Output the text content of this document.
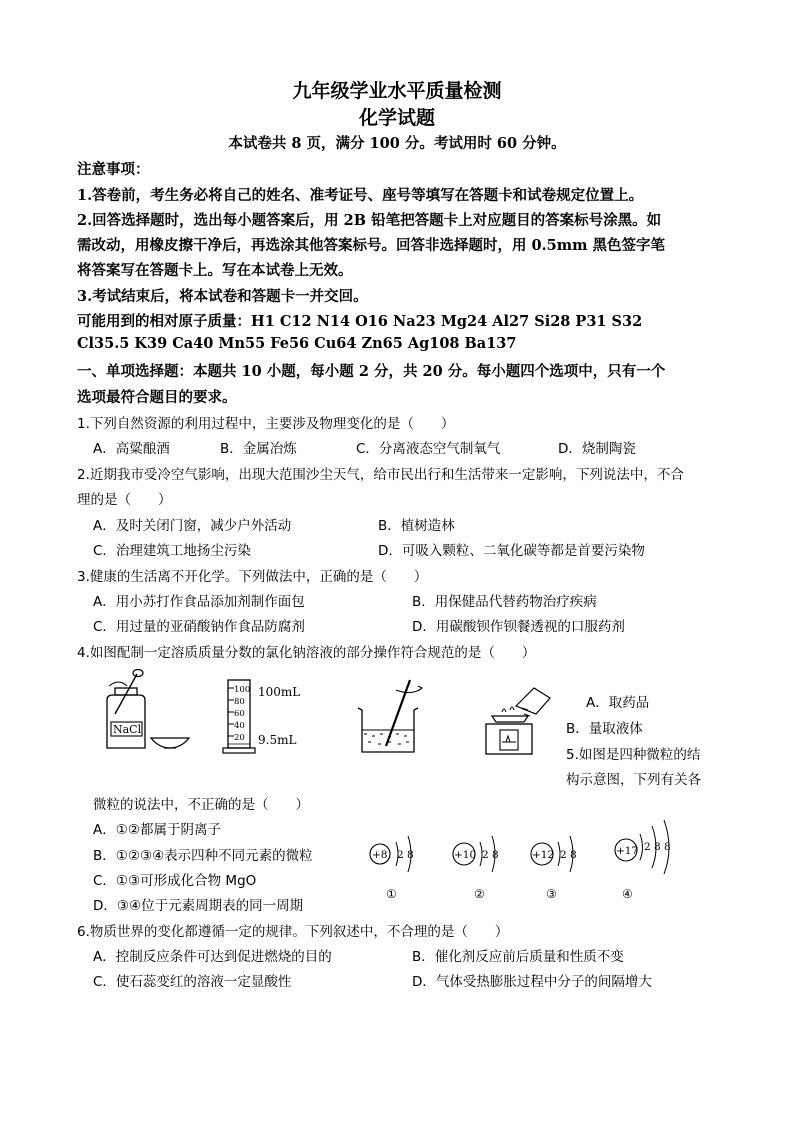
九年级学业水平质量检测
化学试题
本试卷共 8 页，满分 100 分。考试用时 60 分钟。
注意事项：
1.答卷前，考生务必将自己的姓名、准考证号、座号等填写在答题卡和试卷规定位置上。
2.回答选择题时，选出每小题答案后，用 2B 铅笔把答题卡上对应题目的答案标号涂黑。如
需改动，用橡皮擦干净后，再选涂其他答案标号。回答非选择题时，用 0.5mm 黑色签字笔
将答案写在答题卡上。写在本试卷上无效。
3.考试结束后，将本试卷和答题卡一并交回。
可能用到的相对原子质量：H1 C12 N14 O16 Na23 Mg24 Al27 Si28 P31 S32
Cl35.5 K39 Ca40 Mn55 Fe56 Cu64 Zn65 Ag108 Ba137
一、单项选择题：本题共 10 小题，每小题 2 分，共 20 分。每小题四个选项中，只有一个
选项最符合题目的要求。
1.下列自然资源的利用过程中，主要涉及物理变化的是（　　）
A．高粱酿酒	B．金属冶炼	C．分离液态空气制氧气	D．烧制陶瓷
2.近期我市受冷空气影响，出现大范围沙尘天气，给市民出行和生活带来一定影响，下列说法中，不合
理的是（　　）
A．及时关闭门窗，减少户外活动	B．植树造林
C．治理建筑工地扬尘污染	D．可吸入颗粒、二氧化碳等都是首要污染物
3.健康的生活离不开化学。下列做法中，正确的是（　　）
A．用小苏打作食品添加剂制作面包	B．用保健品代替药物治疗疾病
C．用过量的亚硝酸钠作食品防腐剂	D．用碳酸钡作钡餐透视的口服药剂
4.如图配制一定溶质质量分数的氯化钠溶液的部分操作符合规范的是（　　）
NaCl
100
80
60
40
20
100mL
9.5mL
A．取药品
B．量取液体
5.如图是四种微粒的结
构示意图，下列有关各
微粒的说法中，不正确的是（　　）
A．①②都属于阴离子
B．①②③④表示四种不同元素的微粒
C．①③可形成化合物 MgO
D．③④位于元素周期表的同一周期
+8 2 8
①
+10 2 8
②
+12 2 8
③
+17 2 8 8
④
6.物质世界的变化都遵循一定的规律。下列叙述中，不合理的是（　　）
A．控制反应条件可达到促进燃烧的目的	B．催化剂反应前后质量和性质不变
C．使石蕊变红的溶液一定显酸性	D．气体受热膨胀过程中分子的间隔增大
